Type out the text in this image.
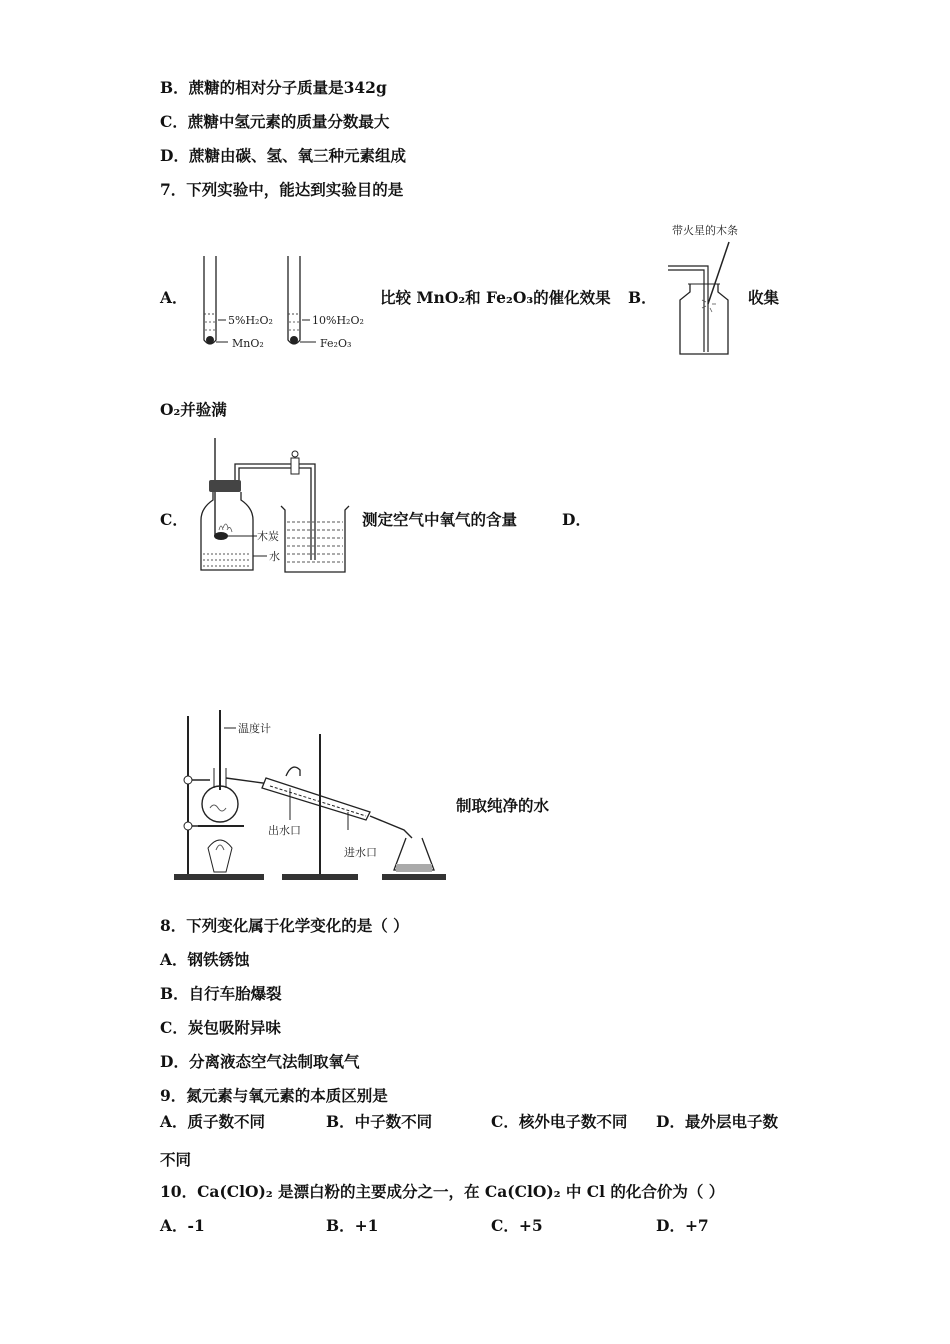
B．蔗糖的相对分子质量是342g
C．蔗糖中氢元素的质量分数最大
D．蔗糖由碳、氢、氧三种元素组成
7．下列实验中，能达到实验目的是
A．
5%H₂O₂
MnO₂
10%H₂O₂
Fe₂O₃
比较 MnO₂和 Fe₂O₃的催化效果 B．
带火星的木条
收集
O₂并验满
C．
木炭
水
测定空气中氧气的含量	D．
温度计
出水口
进水口
制取纯净的水
8．下列变化属于化学变化的是（ ）
A．钢铁锈蚀
B．自行车胎爆裂
C．炭包吸附异味
D．分离液态空气法制取氧气
9．氮元素与氧元素的本质区别是
A．质子数不同	B．中子数不同	C．核外电子数不同 D．最外层电子数
不同
10．Ca(ClO)₂ 是漂白粉的主要成分之一，在 Ca(ClO)₂ 中 Cl 的化合价为（ ）
A．-1	B．+1	C．+5	D．+7
